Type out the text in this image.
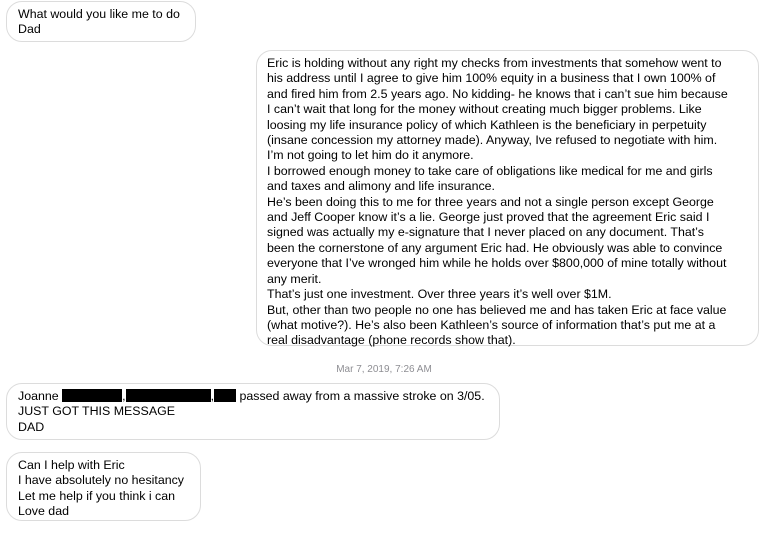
What would you like me to do
Dad
Eric is holding without any right my checks from investments that somehow went to
his address until I agree to give him 100% equity in a business that I own 100% of
and fired him from 2.5 years ago. No kidding- he knows that i can’t sue him because
I can’t wait that long for the money without creating much bigger problems. Like
loosing my life insurance policy of which Kathleen is the beneficiary in perpetuity
(insane concession my attorney made). Anyway, Ive refused to negotiate with him.
I’m not going to let him do it anymore.
I borrowed enough money to take care of obligations like medical for me and girls
and taxes and alimony and life insurance.
He’s been doing this to me for three years and not a single person except George
and Jeff Cooper know it’s a lie. George just proved that the agreement Eric said I
signed was actually my e-signature that I never placed on any document. That’s
been the cornerstone of any argument Eric had. He obviously was able to convince
everyone that I’ve wronged him while he holds over $800,000 of mine totally without
any merit.
That’s just one investment. Over three years it’s well over $1M.
But, other than two people no one has believed me and has taken Eric at face value
(what motive?). He’s also been Kathleen’s source of information that’s put me at a
real disadvantage (phone records show that).
Mar 7, 2019, 7:26 AM
Joanne	,	, passed away from a massive stroke on 3/05.
JUST GOT THIS MESSAGE
DAD
Can I help with Eric
I have absolutely no hesitancy
Let me help if you think i can
Love dad
